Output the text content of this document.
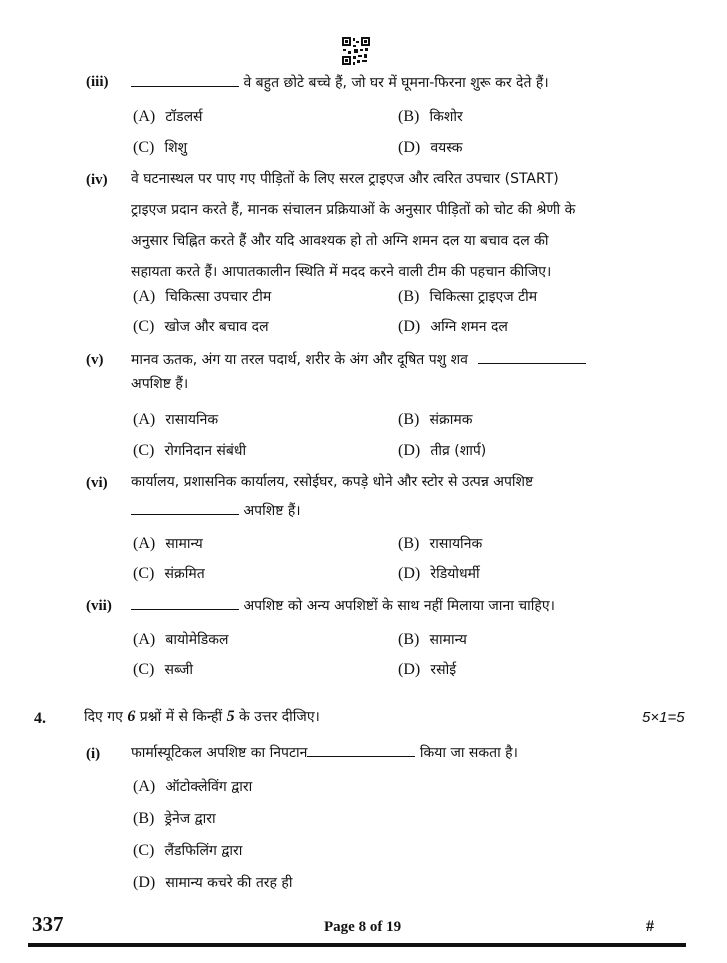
(iii)	वे बहुत छोटे बच्चे हैं, जो घर में घूमना-फिरना शुरू कर देते हैं।
(A) टॉडलर्स	(B) किशोर
(C) शिशु	(D) वयस्क
(iv) वे घटनास्थल पर पाए गए पीड़ितों के लिए सरल ट्राइएज और त्वरित उपचार (START)
ट्राइएज प्रदान करते हैं, मानक संचालन प्रक्रियाओं के अनुसार पीड़ितों को चोट की श्रेणी के
अनुसार चिह्नित करते हैं और यदि आवश्यक हो तो अग्नि शमन दल या बचाव दल की
सहायता करते हैं। आपातकालीन स्थिति में मदद करने वाली टीम की पहचान कीजिए।
(A) चिकित्सा उपचार टीम	(B) चिकित्सा ट्राइएज टीम
(C) खोज और बचाव दल	(D) अग्नि शमन दल
(v) मानव ऊतक, अंग या तरल पदार्थ, शरीर के अंग और दूषित पशु शव
अपशिष्ट हैं।
(A) रासायनिक	(B) संक्रामक
(C) रोगनिदान संबंधी	(D) तीव्र (शार्प)
(vi) कार्यालय, प्रशासनिक कार्यालय, रसोईघर, कपड़े धोने और स्टोर से उत्पन्न अपशिष्ट
अपशिष्ट हैं।
(A) सामान्य	(B) रासायनिक
(C) संक्रमित	(D) रेडियोधर्मी
(vii)	अपशिष्ट को अन्य अपशिष्टों के साथ नहीं मिलाया जाना चाहिए।
(A) बायोमेडिकल	(B) सामान्य
(C) सब्जी	(D) रसोई
4.	दिए गए 6 प्रश्नों में से किन्हीं 5 के उत्तर दीजिए।	5×1=5
(i) फार्मास्यूटिकल अपशिष्ट का निपटान	किया जा सकता है।
(A) ऑटोक्लेविंग द्वारा
(B) ड्रेनेज द्वारा
(C) लैंडफिलिंग द्वारा
(D) सामान्य कचरे की तरह ही
337	Page 8 of 19	#
